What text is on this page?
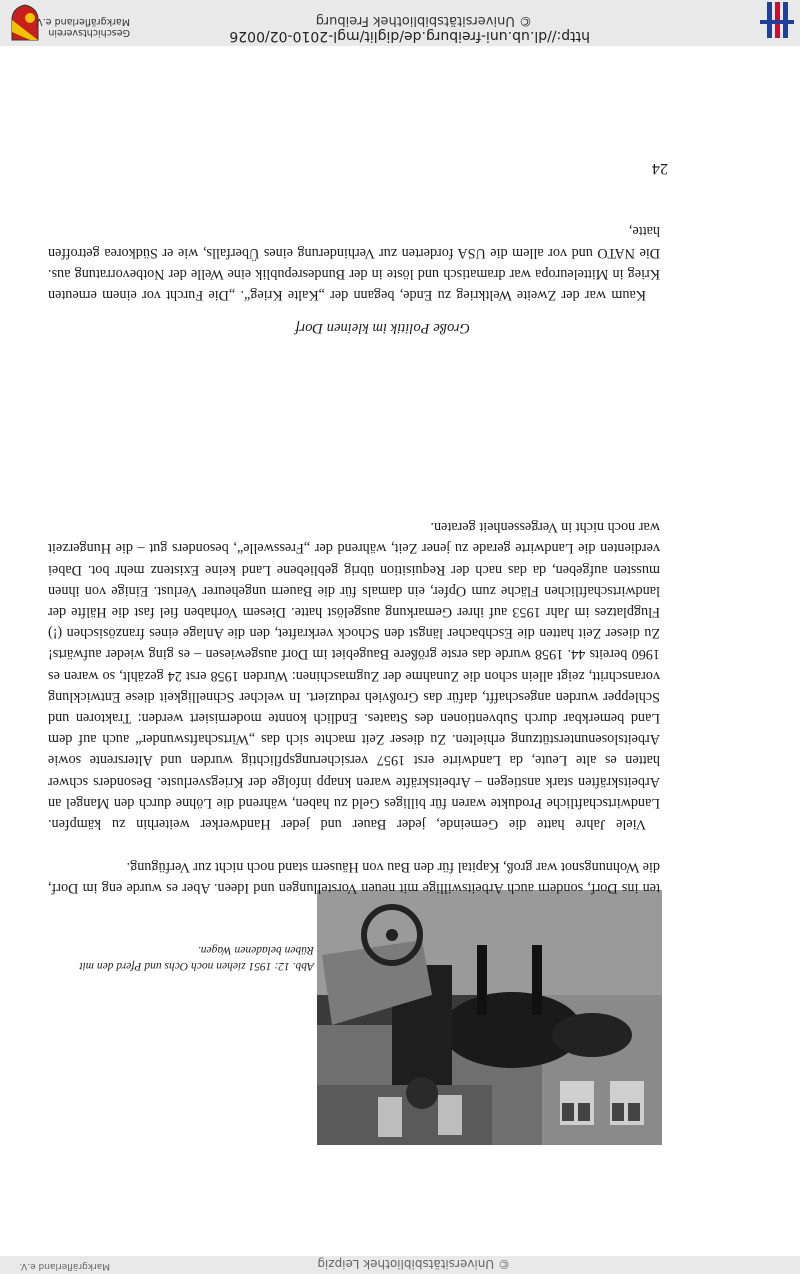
Abb. 12: 1951 ziehen noch Ochs und Pferd den mit Rüben beladenen Wagen.

ten ins Dorf, sondern auch Arbeitswillige mit neuen Vorstellungen und Ideen. Aber es wurde eng im Dorf, die Wohnungsnot war groß, Kapital für den Bau von Häusern stand noch nicht zur Verfügung.

Viele Jahre hatte die Gemeinde, jeder Bauer und jeder Handwerker weiterhin zu kämpfen. Landwirtschaftliche Produkte waren für billiges Geld zu haben, während die Löhne durch den Mangel an Arbeitskräften stark anstiegen – Arbeitskräfte waren knapp infolge der Kriegsverluste. Besonders schwer hatten es alte Leute, da Landwirte erst 1957 versicherungspflichtig wurden und Altersrente sowie Arbeitslosenunterstützung erhielten. Zu dieser Zeit machte sich das „Wirtschaftswunder“ auch auf dem Land bemerkbar durch Subventionen des Staates. Endlich konnte modernisiert werden: Traktoren und Schlepper wurden angeschafft, dafür das Großvieh reduziert. In welcher Schnelligkeit diese Entwicklung voranschritt, zeigt allein schon die Zunahme der Zugmaschinen: Wurden 1958 erst 24 gezählt, so waren es 1960 bereits 44. 1958 wurde das erste größere Baugebiet im Dorf ausgewiesen – es ging wieder aufwärts! Zu dieser Zeit hatten die Eschbacher längst den Schock verkraftet, den die Anlage eines französischen (!) Flugplatzes im Jahr 1953 auf ihrer Gemarkung ausgelöst hatte. Diesem Vorhaben fiel fast die Hälfte der landwirtschaftlichen Fläche zum Opfer, ein damals für die Bauern ungeheurer Verlust. Einige von ihnen mussten aufgeben, da das nach der Requisition übrig gebliebene Land keine Existenz mehr bot. Dabei verdienten die Landwirte gerade zu jener Zeit, während der „Fresswelle“, besonders gut – die Hungerzeit war noch nicht in Vergessenheit geraten.

Große Politik im kleinen Dorf

Kaum war der Zweite Weltkrieg zu Ende, begann der „Kalte Krieg“. „Die Furcht vor einem erneuten Krieg in Mitteleuropa war dramatisch und löste in der Bundesrepublik eine Welle der Notbevorratung aus. Die NATO und vor allem die USA forderten zur Verhinderung eines Überfalls, wie er Südkorea getroffen hatte,

24
© Universitätsbibliothek Freiburg
http://dl.ub.uni-freiburg.de/diglit/mgl-2010-02/0026
Geschichtsverein
Markgräflerland e.V.
© Universitätsbibliothek Leipzig
Markgräflerland e.V.
